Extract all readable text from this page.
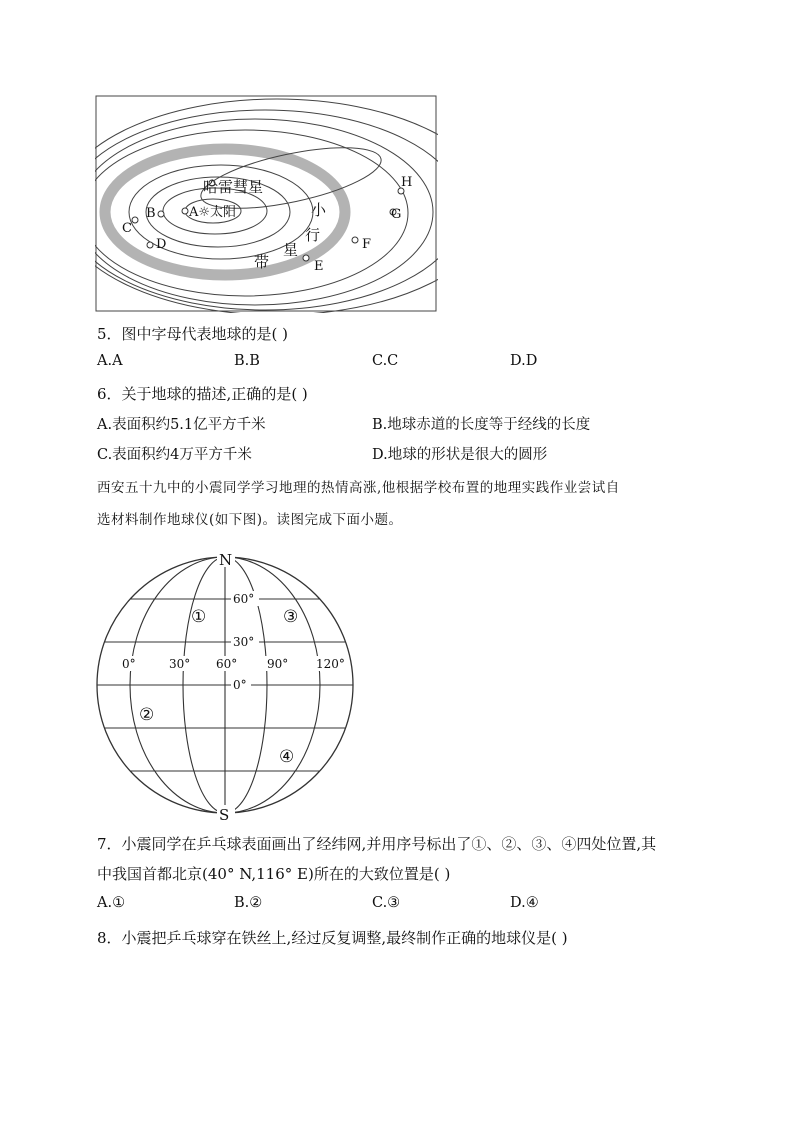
哈雷彗星
A☼太阳
B
C
D
E
F
G
H
小
行
星
带
5．图中字母代表地球的是( )
A.A	B.B	C.C	D.D
6．关于地球的描述,正确的是( )
A.表面积约5.1亿平方千米	B.地球赤道的长度等于经线的长度
C.表面积约4万平方千米	D.地球的形状是很大的圆形
西安五十九中的小震同学学习地理的热情高涨,他根据学校布置的地理实践作业尝试自
选材料制作地球仪(如下图)。读图完成下面小题。
N
S
60°
30°
0°
0°	30° 60° 90° 120°
①
②
③
④
7．小震同学在乒乓球表面画出了经纬网,并用序号标出了①、②、③、④四处位置,其
中我国首都北京(40° N,116° E)所在的大致位置是( )
A.①	B.②	C.③	D.④
8．小震把乒乓球穿在铁丝上,经过反复调整,最终制作正确的地球仪是( )
